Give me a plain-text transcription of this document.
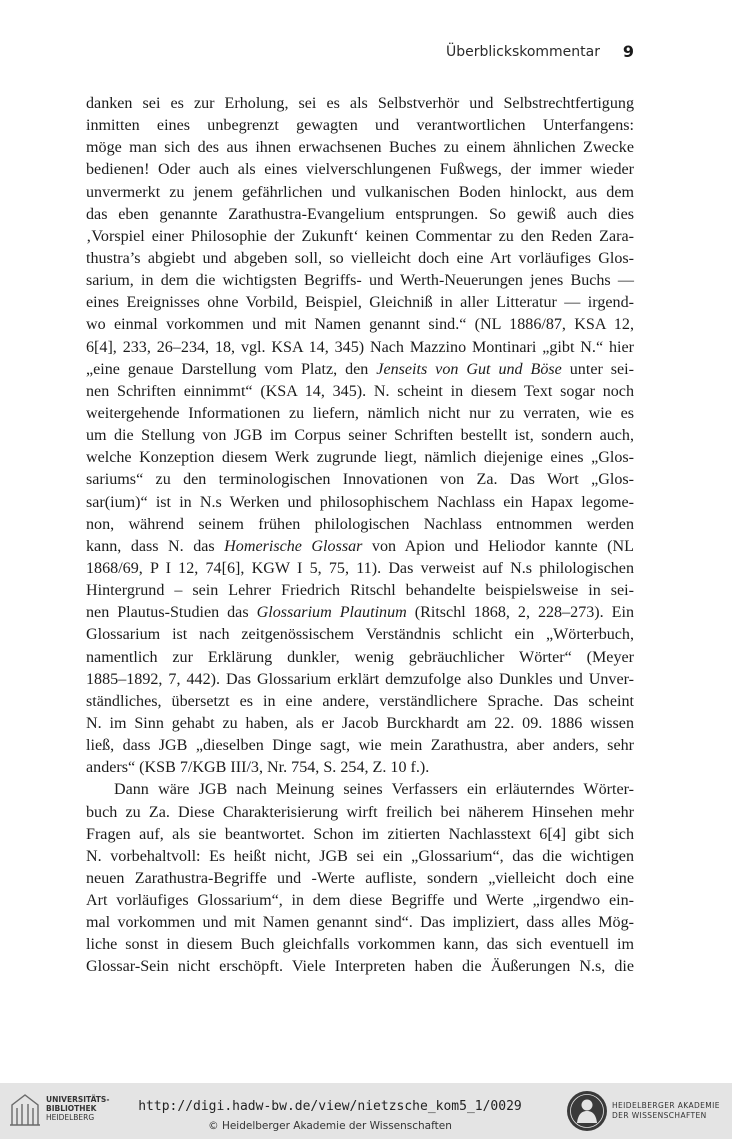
Überblickskommentar 9
danken sei es zur Erholung, sei es als Selbstverhör und Selbstrechtfertigung
inmitten eines unbegrenzt gewagten und verantwortlichen Unterfangens:
möge man sich des aus ihnen erwachsenen Buches zu einem ähnlichen Zwecke
bedienen! Oder auch als eines vielverschlungenen Fußwegs, der immer wieder
unvermerkt zu jenem gefährlichen und vulkanischen Boden hinlockt, aus dem
das eben genannte Zarathustra-Evangelium entsprungen. So gewiß auch dies
‚Vorspiel einer Philosophie der Zukunft‘ keinen Commentar zu den Reden Zara-
thustra’s abgiebt und abgeben soll, so vielleicht doch eine Art vorläufiges Glos-
sarium, in dem die wichtigsten Begriffs- und Werth-Neuerungen jenes Buchs —
eines Ereignisses ohne Vorbild, Beispiel, Gleichniß in aller Litteratur — irgend-
wo einmal vorkommen und mit Namen genannt sind.“ (NL 1886/87, KSA 12,
6[4], 233, 26–234, 18, vgl. KSA 14, 345) Nach Mazzino Montinari „gibt N.“ hier
„eine genaue Darstellung vom Platz, den Jenseits von Gut und Böse unter sei-
nen Schriften einnimmt“ (KSA 14, 345). N. scheint in diesem Text sogar noch
weitergehende Informationen zu liefern, nämlich nicht nur zu verraten, wie es
um die Stellung von JGB im Corpus seiner Schriften bestellt ist, sondern auch,
welche Konzeption diesem Werk zugrunde liegt, nämlich diejenige eines „Glos-
sariums“ zu den terminologischen Innovationen von Za. Das Wort „Glos-
sar(ium)“ ist in N.s Werken und philosophischem Nachlass ein Hapax legome-
non, während seinem frühen philologischen Nachlass entnommen werden
kann, dass N. das Homerische Glossar von Apion und Heliodor kannte (NL
1868/69, P I 12, 74[6], KGW I 5, 75, 11). Das verweist auf N.s philologischen
Hintergrund – sein Lehrer Friedrich Ritschl behandelte beispielsweise in sei-
nen Plautus-Studien das Glossarium Plautinum (Ritschl 1868, 2, 228–273). Ein
Glossarium ist nach zeitgenössischem Verständnis schlicht ein „Wörterbuch,
namentlich zur Erklärung dunkler, wenig gebräuchlicher Wörter“ (Meyer
1885–1892, 7, 442). Das Glossarium erklärt demzufolge also Dunkles und Unver-
ständliches, übersetzt es in eine andere, verständlichere Sprache. Das scheint
N. im Sinn gehabt zu haben, als er Jacob Burckhardt am 22. 09. 1886 wissen
ließ, dass JGB „dieselben Dinge sagt, wie mein Zarathustra, aber anders, sehr
anders“ (KSB 7/KGB III/3, Nr. 754, S. 254, Z. 10 f.).
Dann wäre JGB nach Meinung seines Verfassers ein erläuterndes Wörter-
buch zu Za. Diese Charakterisierung wirft freilich bei näherem Hinsehen mehr
Fragen auf, als sie beantwortet. Schon im zitierten Nachlasstext 6[4] gibt sich
N. vorbehaltvoll: Es heißt nicht, JGB sei ein „Glossarium“, das die wichtigen
neuen Zarathustra-Begriffe und -Werte aufliste, sondern „vielleicht doch eine
Art vorläufiges Glossarium“, in dem diese Begriffe und Werte „irgendwo ein-
mal vorkommen und mit Namen genannt sind“. Das impliziert, dass alles Mög-
liche sonst in diesem Buch gleichfalls vorkommen kann, das sich eventuell im
Glossar-Sein nicht erschöpft. Viele Interpreten haben die Äußerungen N.s, die
UNIVERSITÄTS-
BIBLIOTHEK
HEIDELBERG
http://digi.hadw-bw.de/view/nietzsche_kom5_1/0029
© Heidelberger Akademie der Wissenschaften
HEIDELBERGER AKADEMIE
DER WISSENSCHAFTEN
